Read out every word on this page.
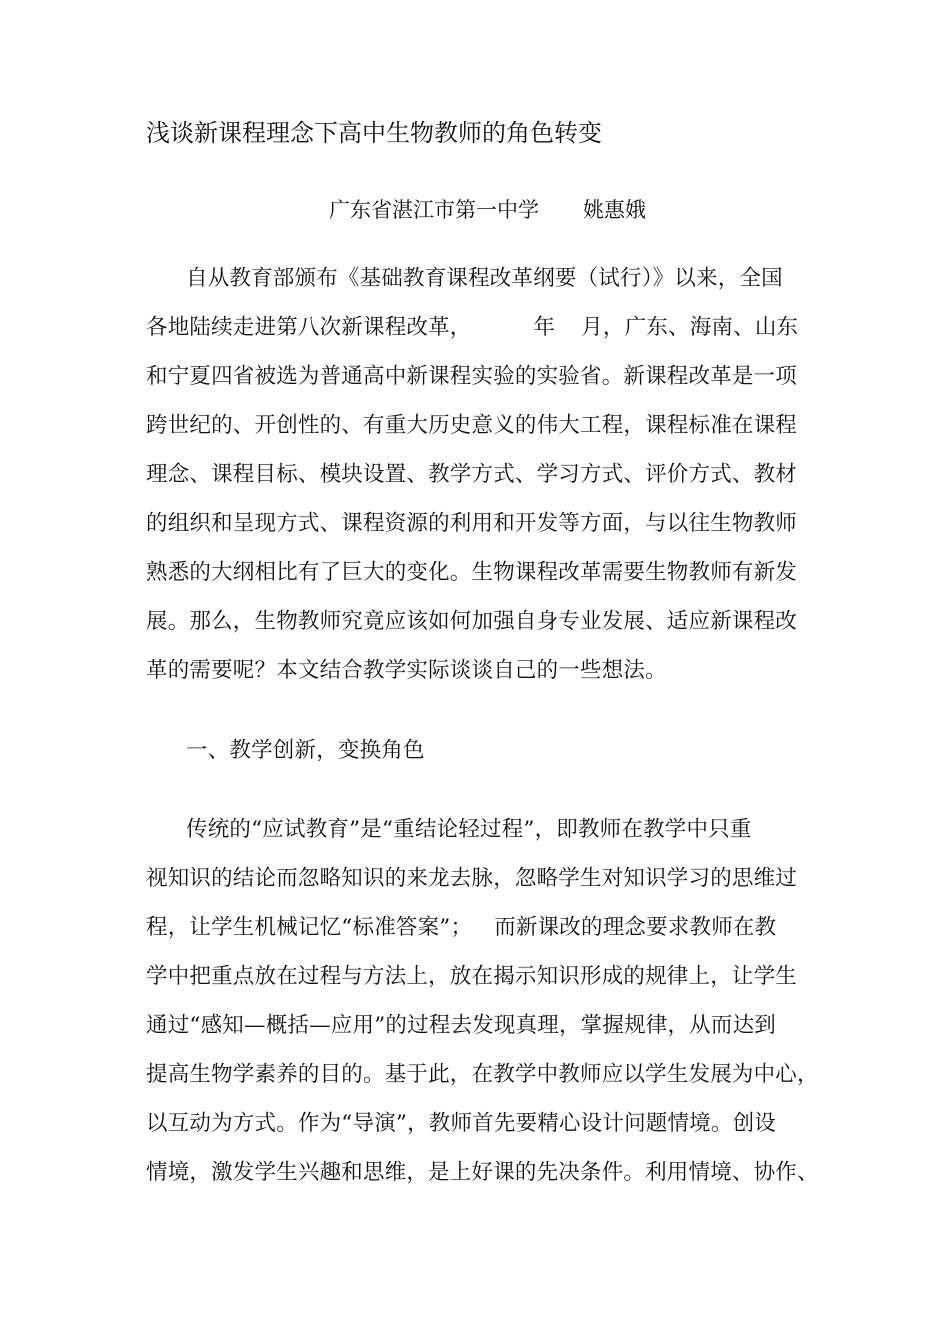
浅谈新课程理念下高中生物教师的角色转变
广东省湛江市第一中学 姚惠娥
自从教育部颁布《基础教育课程改革纲要（试行）》以来，全国
各地陆续走进第八次新课程改革，	年 月，广东、海南、山东
和宁夏四省被选为普通高中新课程实验的实验省。新课程改革是一项
跨世纪的、开创性的、有重大历史意义的伟大工程，课程标准在课程
理念、课程目标、模块设置、教学方式、学习方式、评价方式、教材
的组织和呈现方式、课程资源的利用和开发等方面，与以往生物教师
熟悉的大纲相比有了巨大的变化。生物课程改革需要生物教师有新发
展。那么，生物教师究竟应该如何加强自身专业发展、适应新课程改
革的需要呢？本文结合教学实际谈谈自己的一些想法。
一、教学创新，变换角色
传统的“应试教育”是“重结论轻过程”，即教师在教学中只重
视知识的结论而忽略知识的来龙去脉，忽略学生对知识学习的思维过
程，让学生机械记忆“标准答案”； 而新课改的理念要求教师在教
学中把重点放在过程与方法上，放在揭示知识形成的规律上，让学生
通过“感知—概括—应用”的过程去发现真理，掌握规律，从而达到
提高生物学素养的目的。基于此，在教学中教师应以学生发展为中心，
以互动为方式。作为“导演”，教师首先要精心设计问题情境。创设
情境，激发学生兴趣和思维，是上好课的先决条件。利用情境、协作、
